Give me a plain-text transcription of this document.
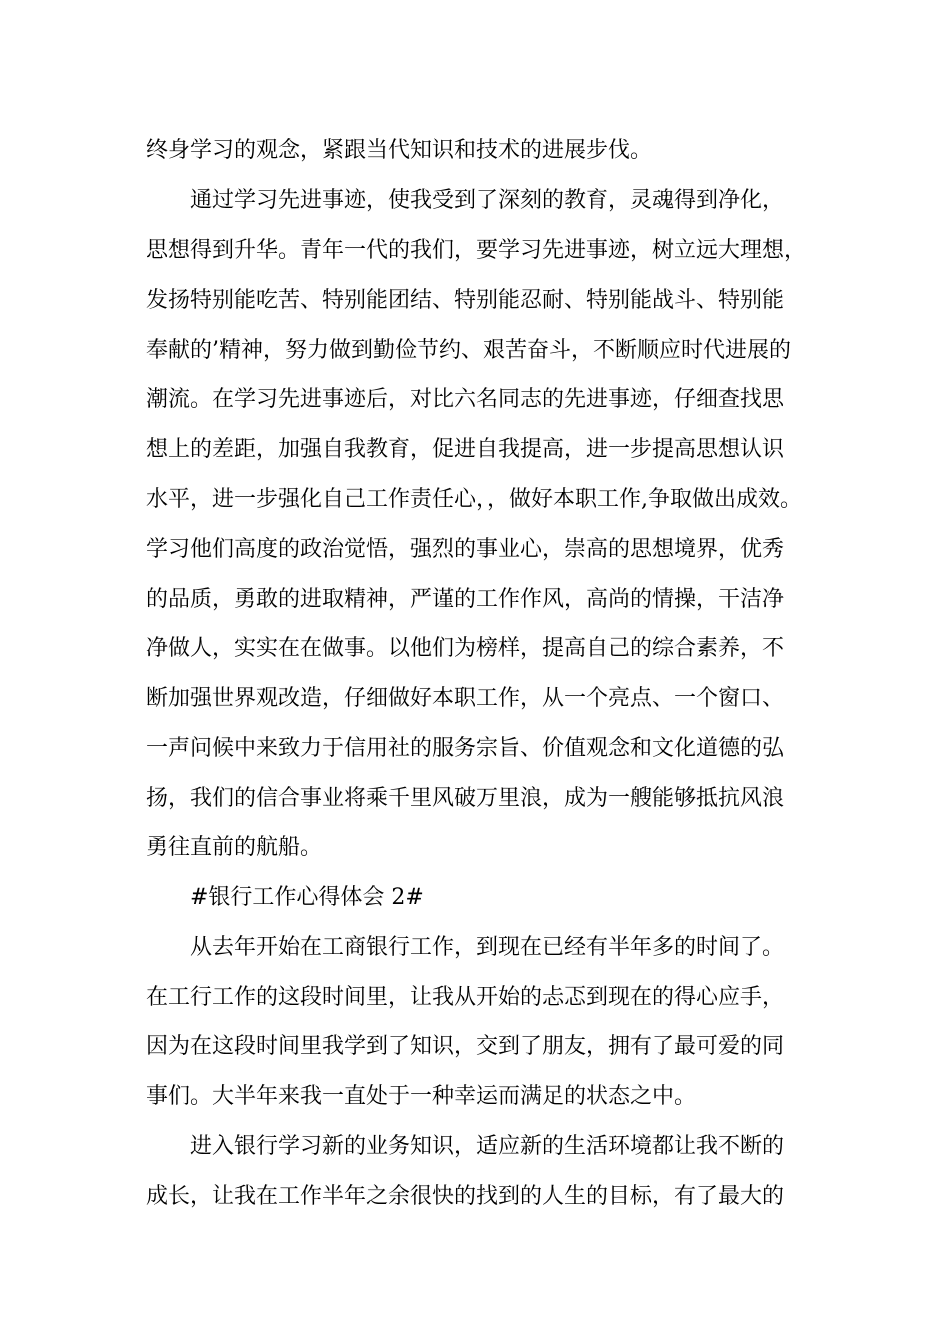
终身学习的观念，紧跟当代知识和技术的进展步伐。

通过学习先进事迹，使我受到了深刻的教育，灵魂得到净化，

思想得到升华。青年一代的我们，要学习先进事迹，树立远大理想，

发扬特别能吃苦、特别能团结、特别能忍耐、特别能战斗、特别能

奉献的’精神，努力做到勤俭节约、艰苦奋斗，不断顺应时代进展的

潮流。在学习先进事迹后，对比六名同志的先进事迹，仔细查找思

想上的差距，加强自我教育，促进自我提高，进一步提高思想认识

水平，进一步强化自己工作责任心，，做好本职工作,争取做出成效。

学习他们高度的政治觉悟，强烈的事业心，崇高的思想境界，优秀

的品质，勇敢的进取精神，严谨的工作作风，高尚的情操，干洁净

净做人，实实在在做事。以他们为榜样，提高自己的综合素养，不

断加强世界观改造，仔细做好本职工作，从一个亮点、一个窗口、

一声问候中来致力于信用社的服务宗旨、价值观念和文化道德的弘

扬，我们的信合事业将乘千里风破万里浪，成为一艘能够抵抗风浪

勇往直前的航船。

#银行工作心得体会 2#

从去年开始在工商银行工作，到现在已经有半年多的时间了。

在工行工作的这段时间里，让我从开始的忐忑到现在的得心应手，

因为在这段时间里我学到了知识，交到了朋友，拥有了最可爱的同

事们。大半年来我一直处于一种幸运而满足的状态之中。

进入银行学习新的业务知识，适应新的生活环境都让我不断的

成长，让我在工作半年之余很快的找到的人生的目标，有了最大的
